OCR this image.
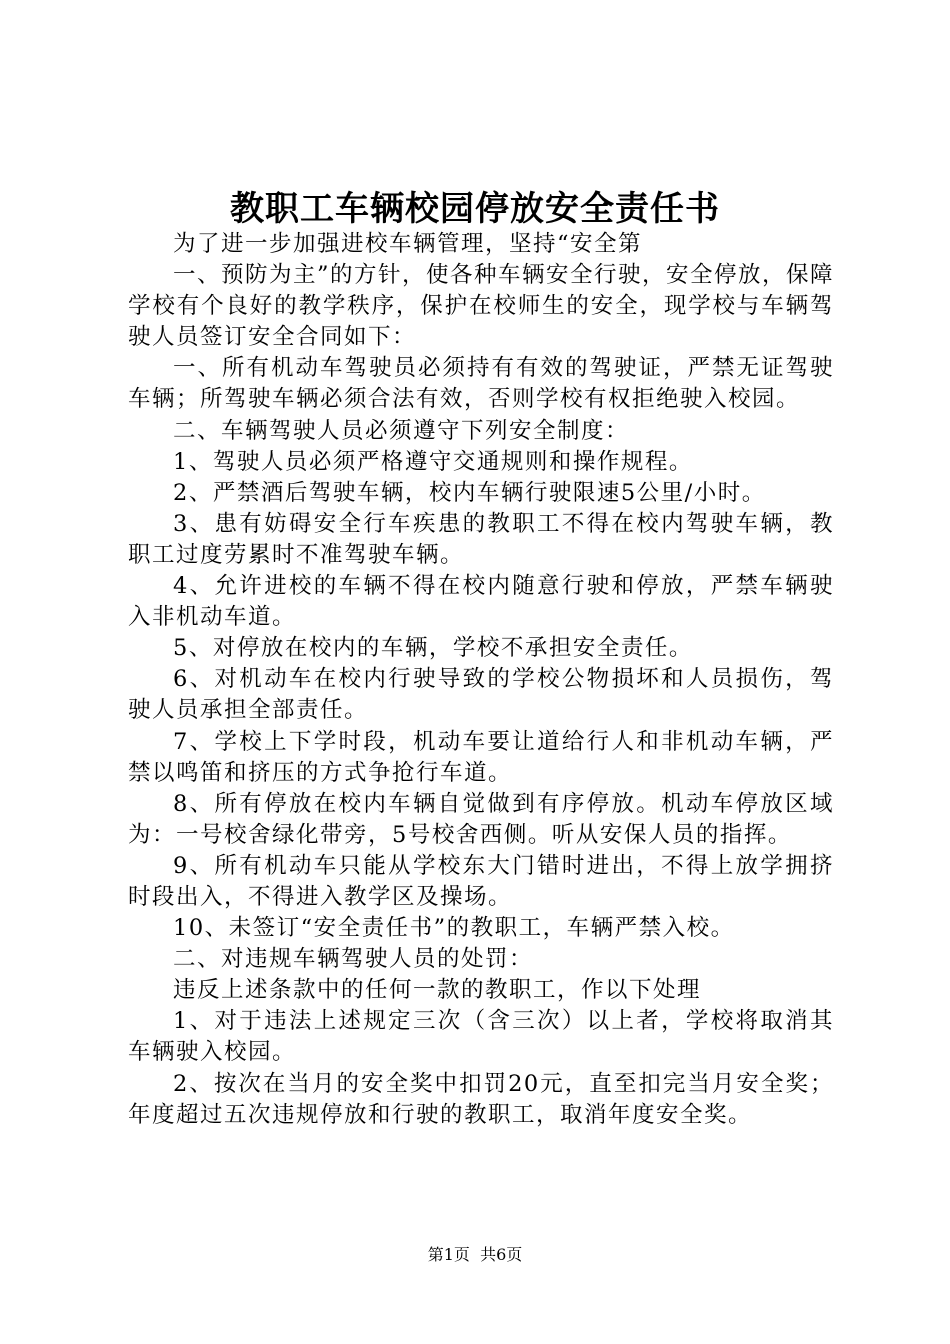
教职工车辆校园停放安全责任书

为了进一步加强进校车辆管理，坚持“安全第

一、预防为主”的方针，使各种车辆安全行驶，安全停放，保障学校有个良好的教学秩序，保护在校师生的安全，现学校与车辆驾驶人员签订安全合同如下：

一、所有机动车驾驶员必须持有有效的驾驶证，严禁无证驾驶车辆；所驾驶车辆必须合法有效，否则学校有权拒绝驶入校园。

二、车辆驾驶人员必须遵守下列安全制度：

1、驾驶人员必须严格遵守交通规则和操作规程。

2、严禁酒后驾驶车辆，校内车辆行驶限速5公里/小时。

3、患有妨碍安全行车疾患的教职工不得在校内驾驶车辆，教职工过度劳累时不准驾驶车辆。

4、允许进校的车辆不得在校内随意行驶和停放，严禁车辆驶入非机动车道。

5、对停放在校内的车辆，学校不承担安全责任。

6、对机动车在校内行驶导致的学校公物损坏和人员损伤，驾驶人员承担全部责任。

7、学校上下学时段，机动车要让道给行人和非机动车辆，严禁以鸣笛和挤压的方式争抢行车道。

8、所有停放在校内车辆自觉做到有序停放。机动车停放区域为：一号校舍绿化带旁，5号校舍西侧。听从安保人员的指挥。

9、所有机动车只能从学校东大门错时进出，不得上放学拥挤时段出入，不得进入教学区及操场。

10、未签订“安全责任书”的教职工，车辆严禁入校。

二、对违规车辆驾驶人员的处罚：

违反上述条款中的任何一款的教职工，作以下处理

1、对于违法上述规定三次（含三次）以上者，学校将取消其车辆驶入校园。

2、按次在当月的安全奖中扣罚20元，直至扣完当月安全奖；年度超过五次违规停放和行驶的教职工，取消年度安全奖。

第1页 共6页
